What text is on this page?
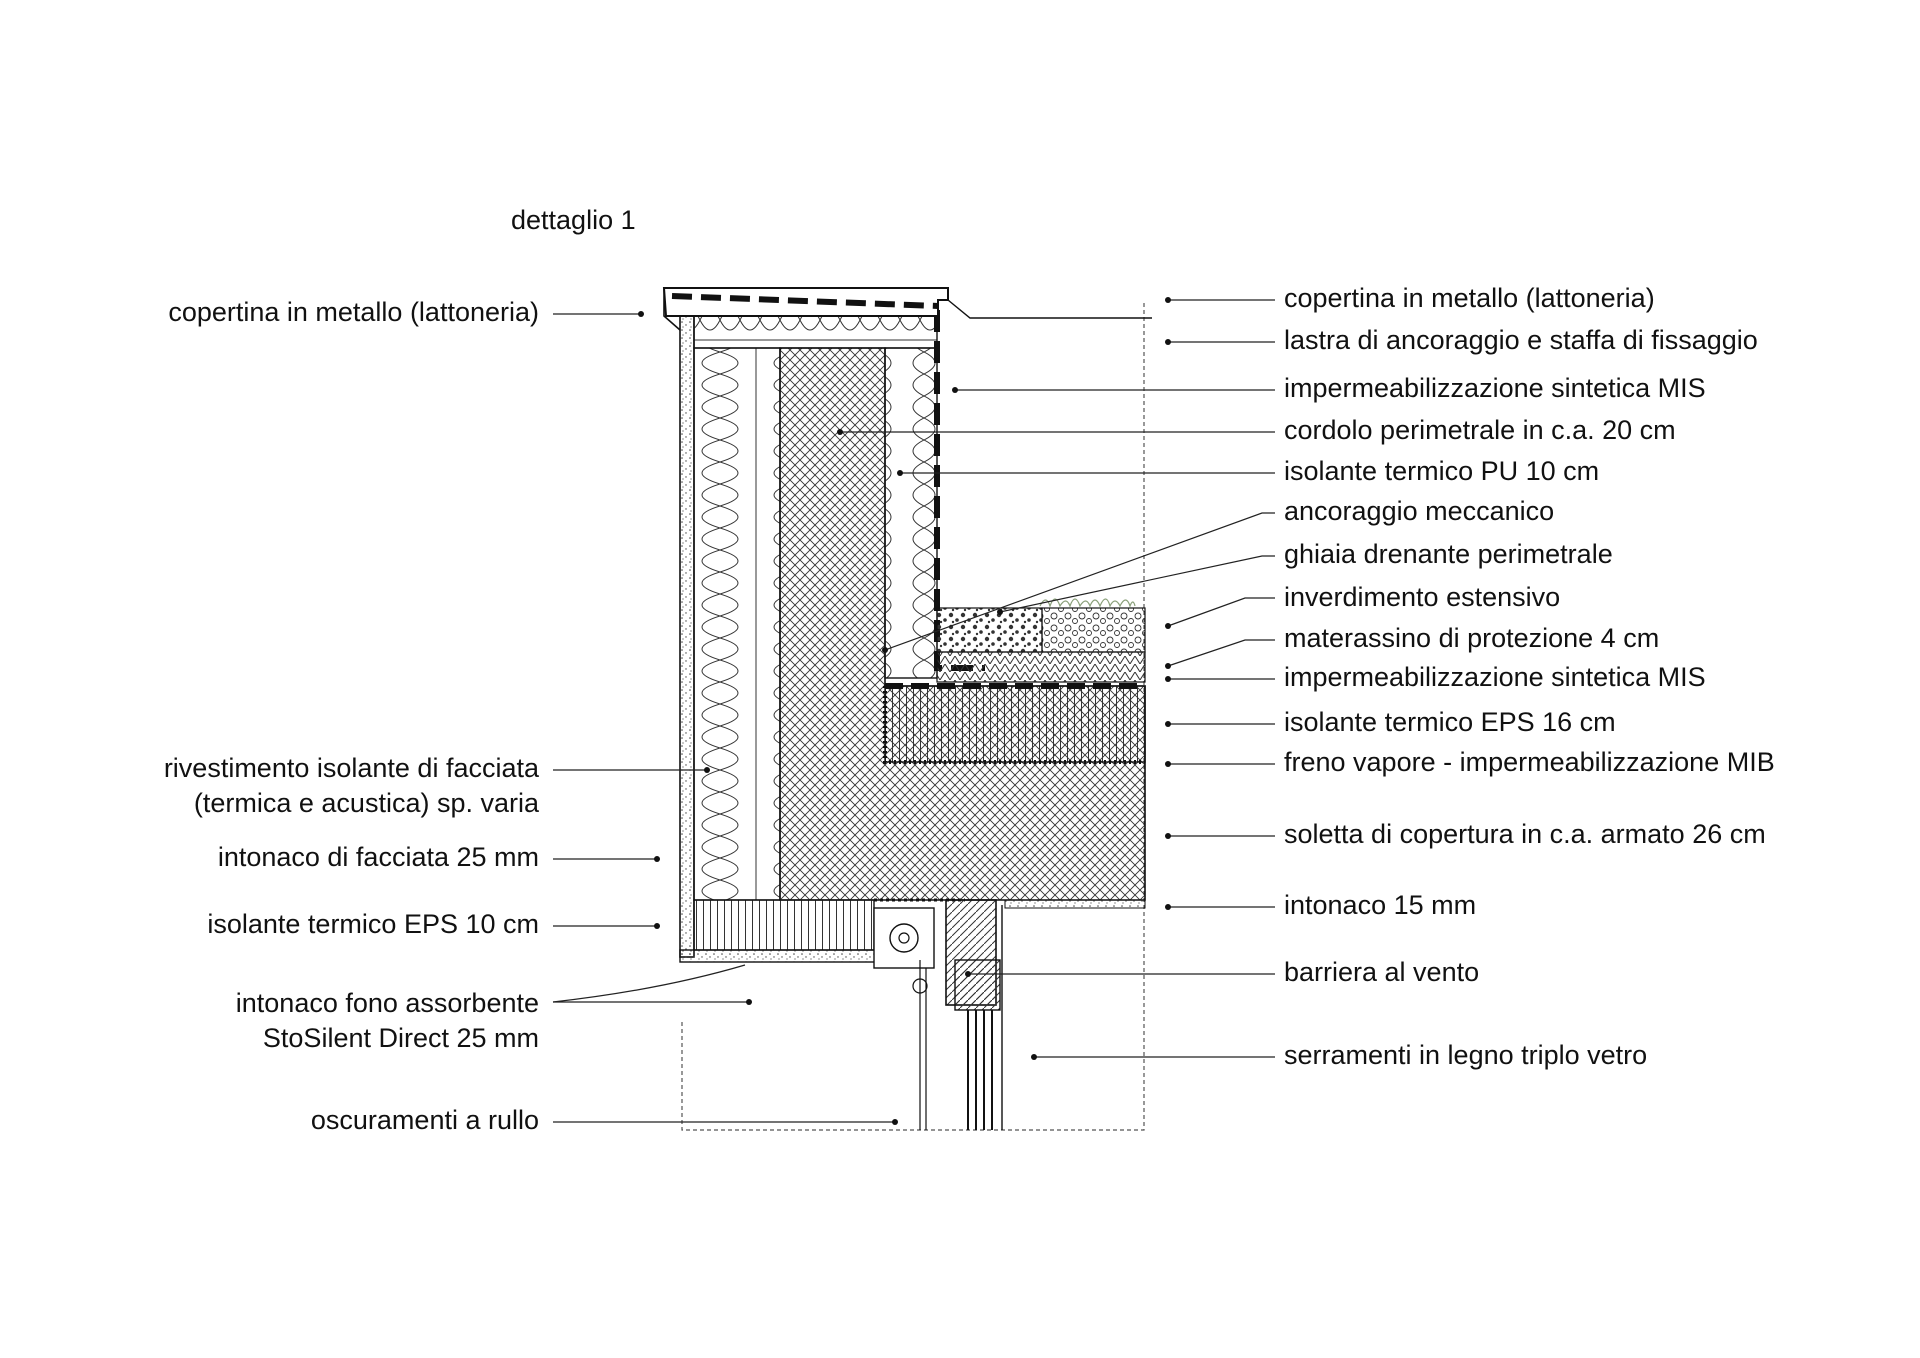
dettaglio 1
copertina in metallo (lattoneria)
rivestimento isolante di facciata
(termica e acustica) sp. varia
intonaco di facciata 25 mm
isolante termico EPS 10 cm
intonaco fono assorbente
StoSilent Direct 25 mm
oscuramenti a rullo
copertina in metallo (lattoneria)
lastra di ancoraggio e staffa di fissaggio
impermeabilizzazione sintetica MIS
cordolo perimetrale in c.a. 20 cm
isolante termico PU 10 cm
ancoraggio meccanico
ghiaia drenante perimetrale
inverdimento estensivo
materassino di protezione 4 cm
impermeabilizzazione sintetica MIS
isolante termico EPS 16 cm
freno vapore - impermeabilizzazione MIB
soletta di copertura in c.a. armato 26 cm
intonaco 15 mm
barriera al vento
serramenti in legno triplo vetro
